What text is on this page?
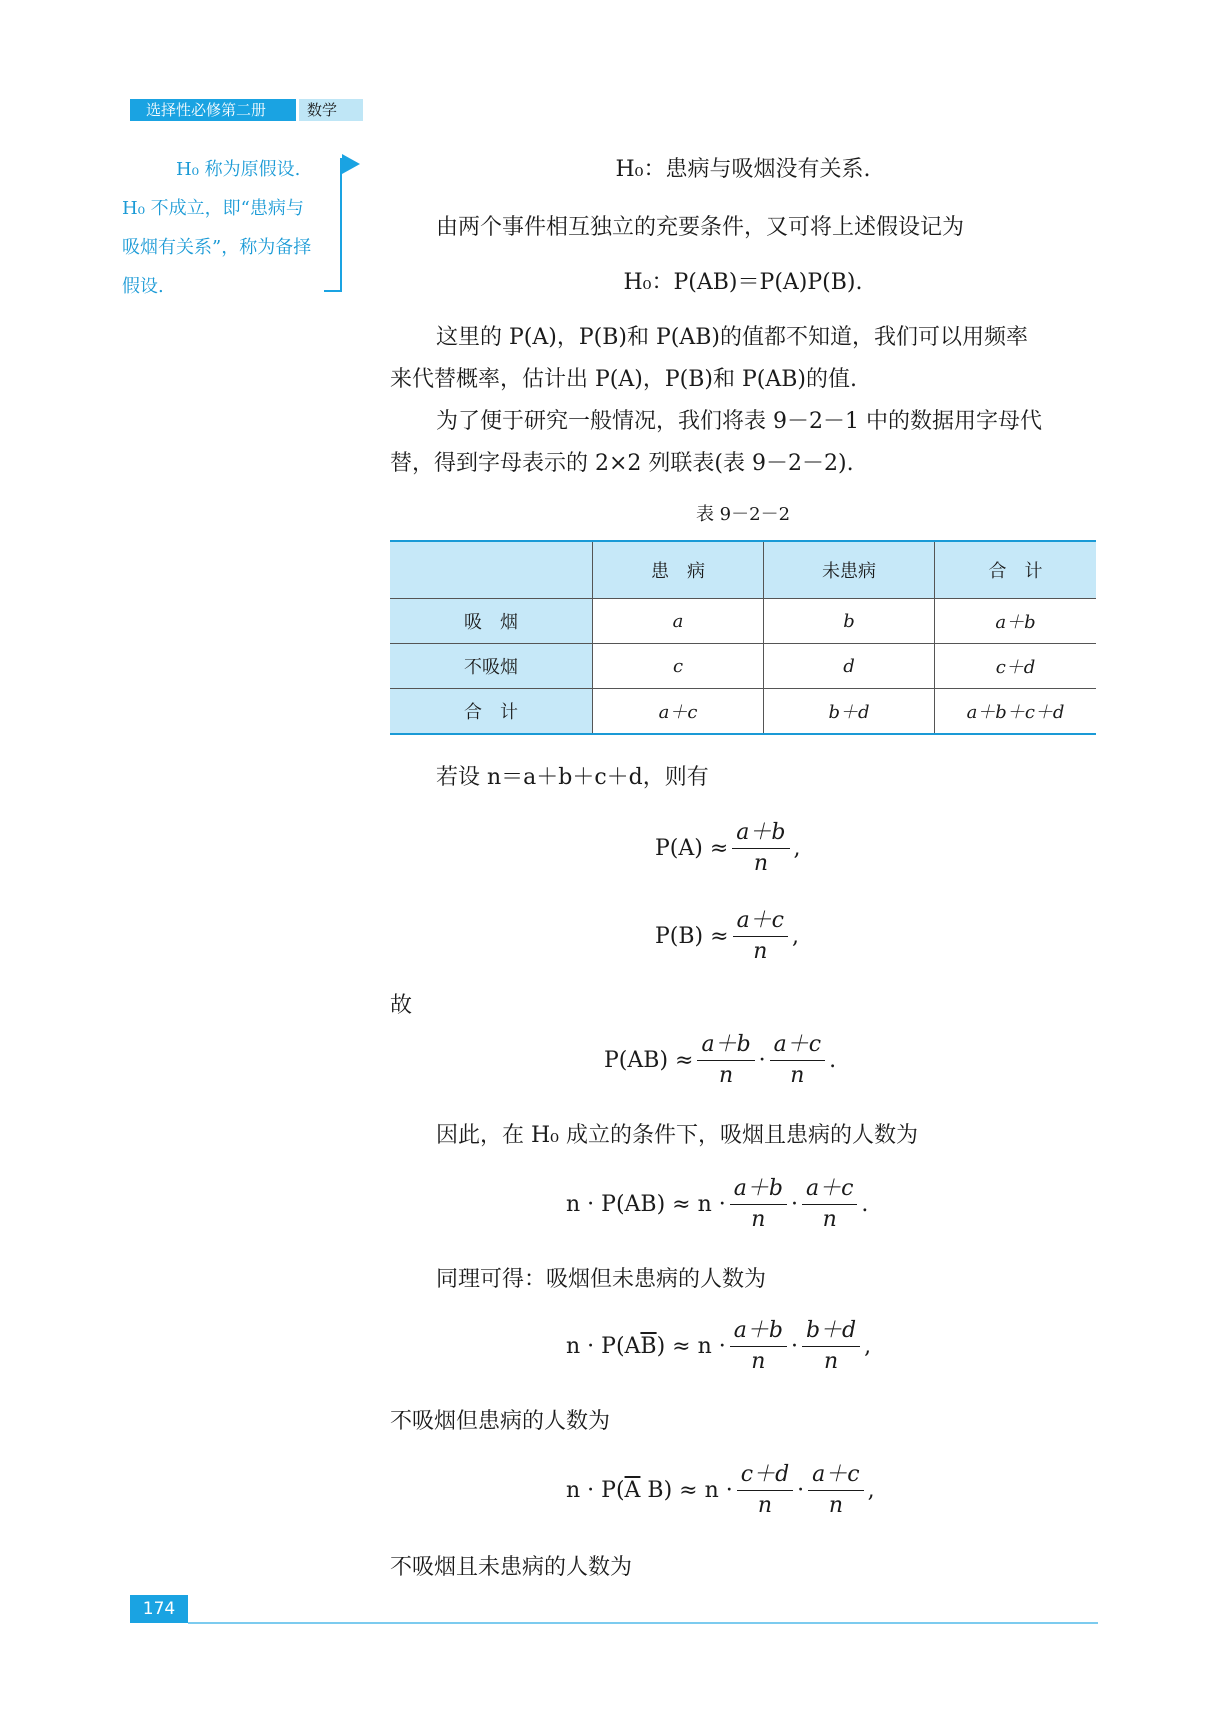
选择性必修第二册	数学
H₀ 称为原假设.
H₀ 不成立，即“患病与
吸烟有关系”，称为备择
假设.
H₀：患病与吸烟没有关系.
由两个事件相互独立的充要条件，又可将上述假设记为
H₀：P(AB)＝P(A)P(B).
这里的 P(A)，P(B)和 P(AB)的值都不知道，我们可以用频率
来代替概率，估计出 P(A)，P(B)和 P(AB)的值.
为了便于研究一般情况，我们将表 9－2－1 中的数据用字母代
替，得到字母表示的 2×2 列联表(表 9－2－2).
表 9－2－2
	患　病	未患病	合　计
吸　烟	a	b	a＋b
不吸烟	c	d	c＋d
合　计	a＋c	b＋d	a＋b＋c＋d
若设 n＝a＋b＋c＋d，则有
$P(A) \approx \frac{a+b}{n}$ ,
$P(B) \approx \frac{a+c}{n}$ ,
故
$P(AB) \approx \frac{a+b}{n} \cdot \frac{a+c}{n}$ .
因此，在 H₀ 成立的条件下，吸烟且患病的人数为
$n \cdot P(AB) \approx n \cdot \frac{a+b}{n} \cdot \frac{a+c}{n}$ .
同理可得：吸烟但未患病的人数为
n · P(A $\overline{B}$ ) ≈ $n \cdot \frac{a+b}{n} \cdot \frac{b+d}{n}$ ,
不吸烟但患病的人数为
n · P( $\overline{A}$ $B) \approx n \cdot \frac{c+d}{n} \cdot \frac{a+c}{n}$ ,
不吸烟且未患病的人数为
174
